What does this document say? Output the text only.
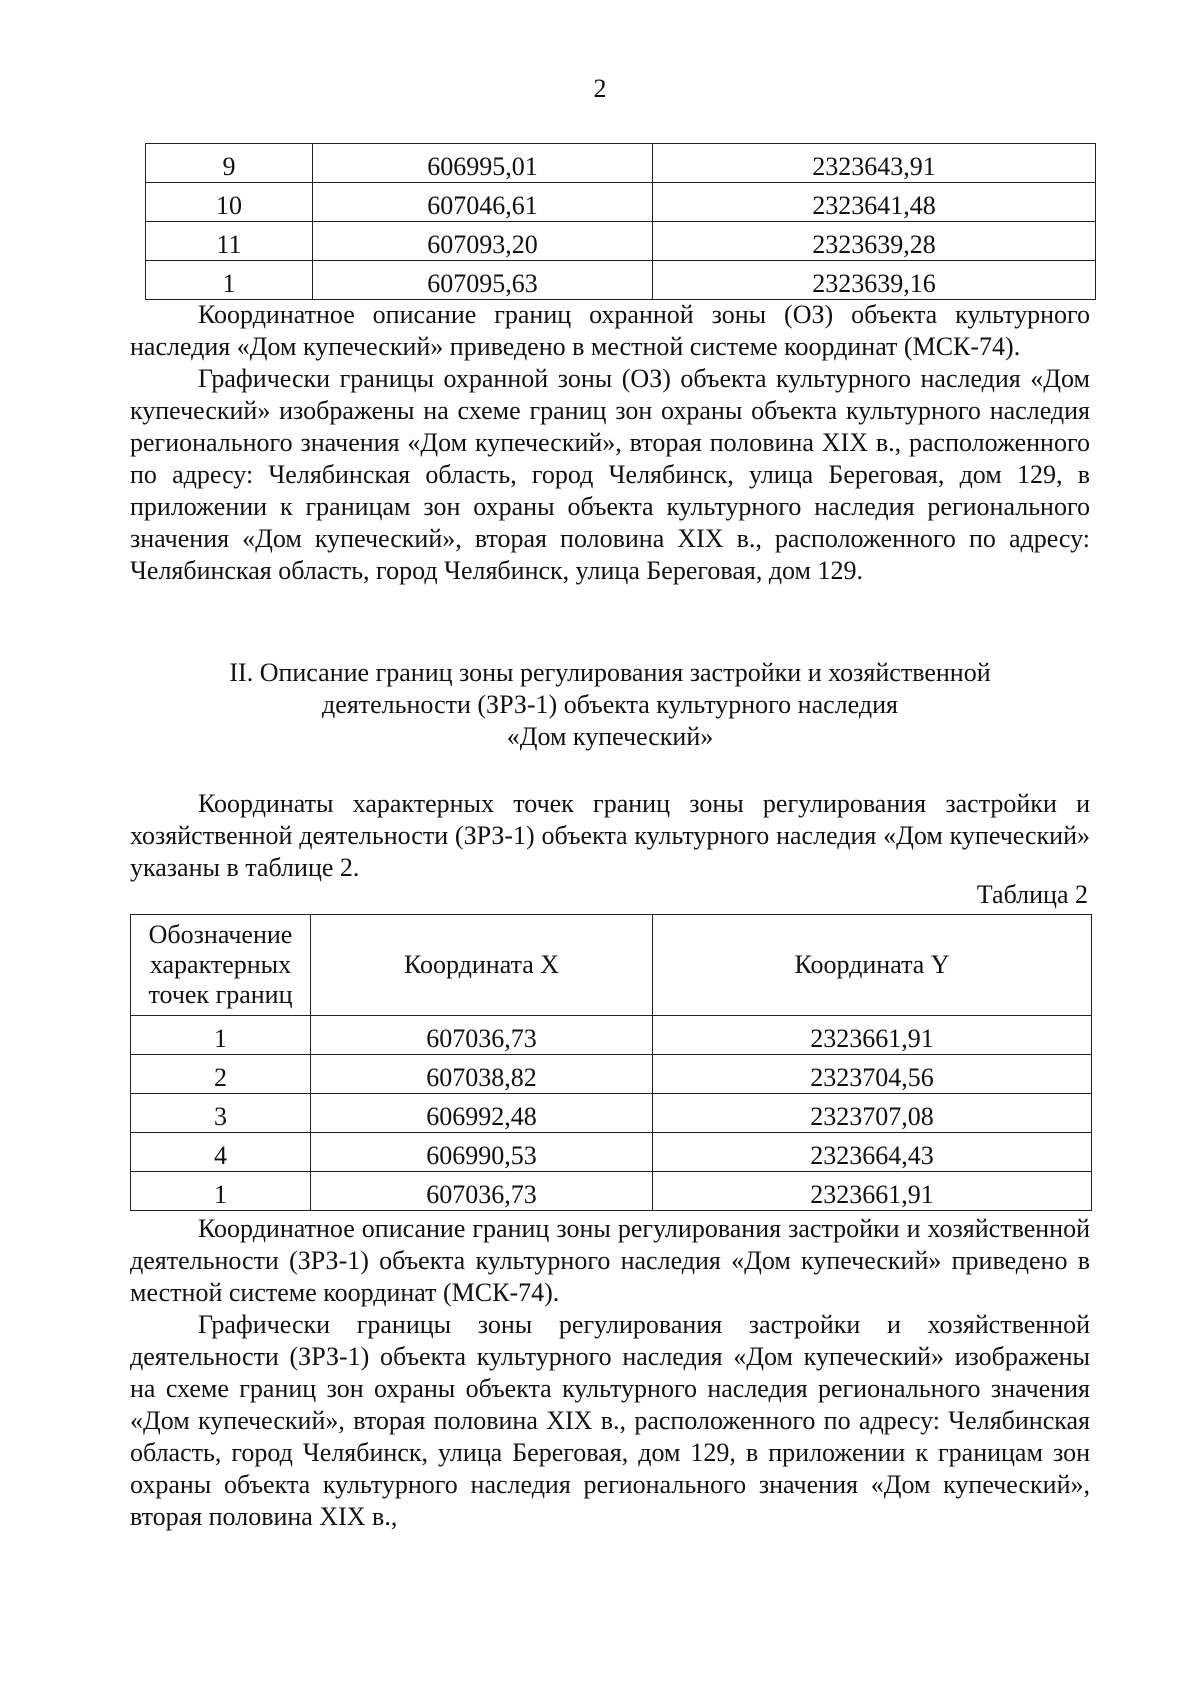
2
9	606995,01	2323643,91
10	607046,61	2323641,48
11	607093,20	2323639,28
1	607095,63	2323639,16

Координатное описание границ охранной зоны (ОЗ) объекта культурного наследия «Дом купеческий» приведено в местной системе координат (МСК-74).

Графически границы охранной зоны (ОЗ) объекта культурного наследия «Дом купеческий» изображены на схеме границ зон охраны объекта культурного наследия регионального значения «Дом купеческий», вторая половина XIX в., расположенного по адресу: Челябинская область, город Челябинск, улица Береговая, дом 129, в приложении к границам зон охраны объекта культурного наследия регионального значения «Дом купеческий», вторая половина XIX в., расположенного по адресу: Челябинская область, город Челябинск, улица Береговая, дом 129.

II. Описание границ зоны регулирования застройки и хозяйственной
деятельности (ЗРЗ-1) объекта культурного наследия
«Дом купеческий»

Координаты характерных точек границ зоны регулирования застройки и хозяйственной деятельности (ЗРЗ-1) объекта культурного наследия «Дом купеческий» указаны в таблице 2.

Таблица 2
Обозначение характерных точек границ	Координата X	Координата Y
1	607036,73	2323661,91
2	607038,82	2323704,56
3	606992,48	2323707,08
4	606990,53	2323664,43
1	607036,73	2323661,91

Координатное описание границ зоны регулирования застройки и хозяйственной деятельности (ЗРЗ-1) объекта культурного наследия «Дом купеческий» приведено в местной системе координат (МСК-74).

Графически границы зоны регулирования застройки и хозяйственной деятельности (ЗРЗ-1) объекта культурного наследия «Дом купеческий» изображены на схеме границ зон охраны объекта культурного наследия регионального значения «Дом купеческий», вторая половина XIX в., расположенного по адресу: Челябинская область, город Челябинск, улица Береговая, дом 129, в приложении к границам зон охраны объекта культурного наследия регионального значения «Дом купеческий», вторая половина XIX в.,
